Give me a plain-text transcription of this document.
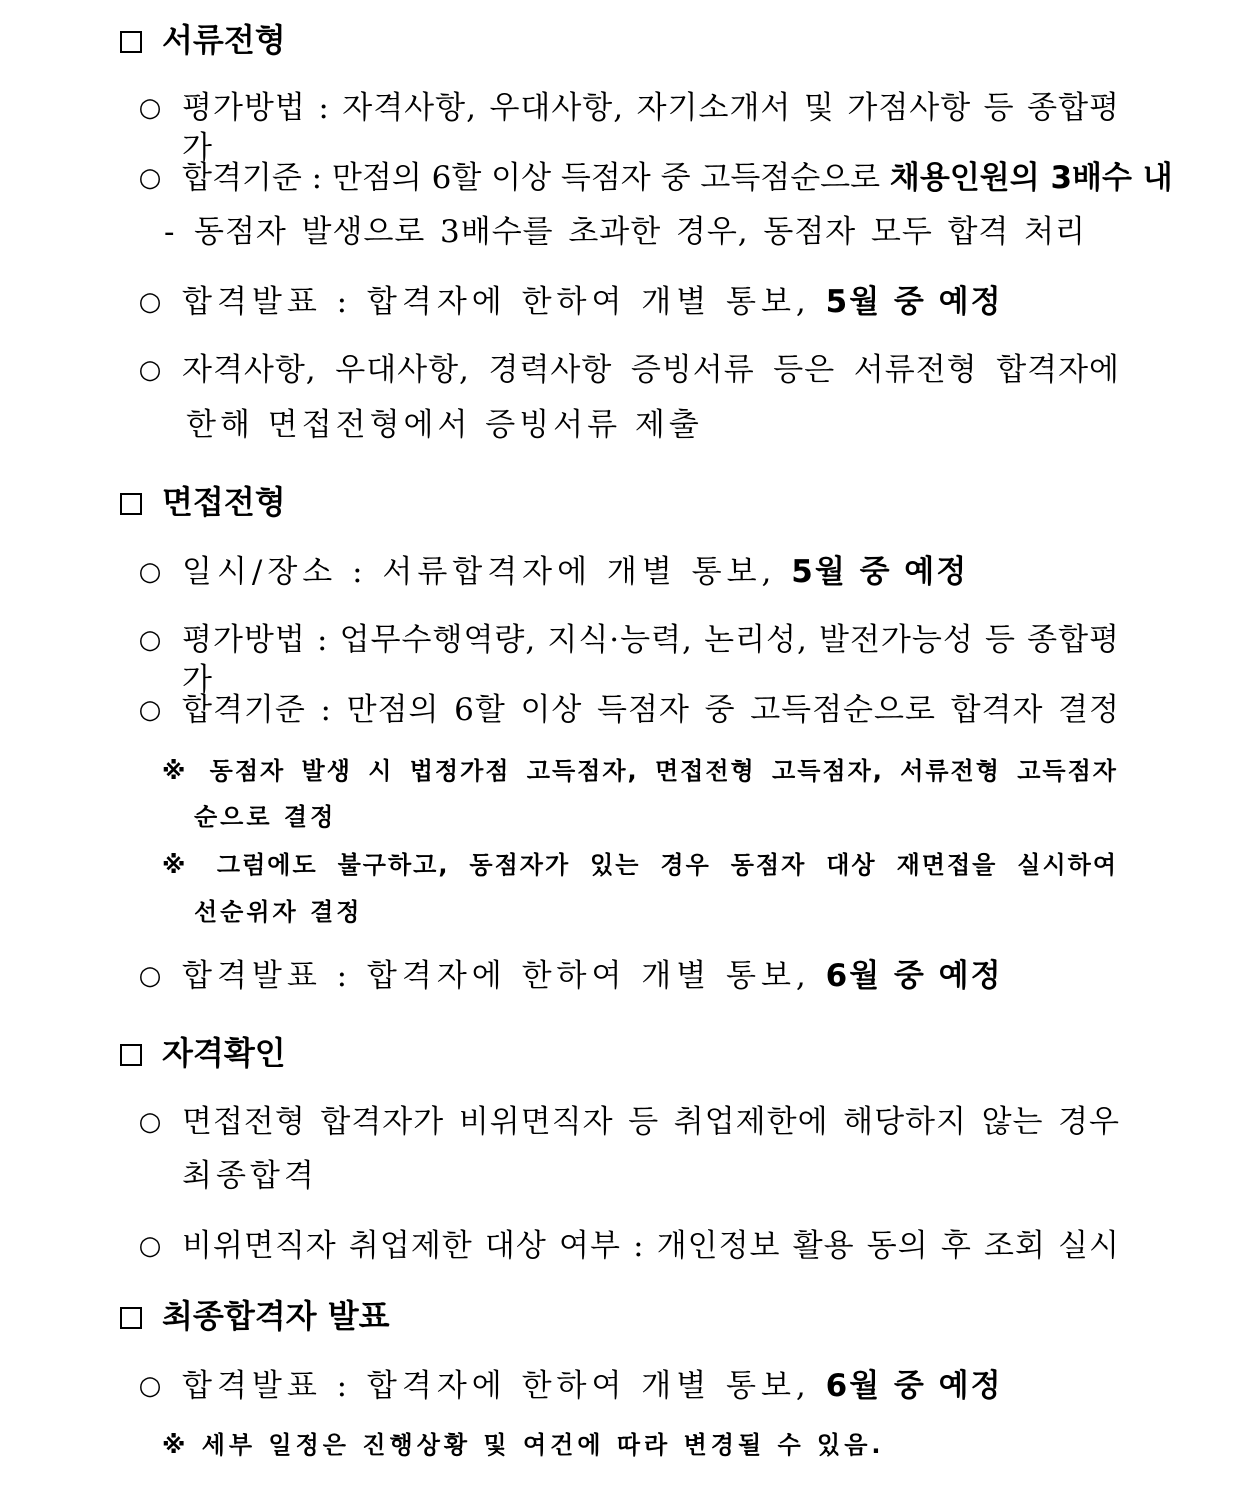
서류전형
○ 평가방법 : 자격사항, 우대사항, 자기소개서 및 가점사항 등 종합평가
○ 합격기준 : 만점의 6할 이상 득점자 중 고득점순으로 채용인원의 3배수 내
- 동점자 발생으로 3배수를 초과한 경우, 동점자 모두 합격 처리
○ 합격발표 : 합격자에 한하여 개별 통보, 5월 중 예정
○ 자격사항, 우대사항, 경력사항 증빙서류 등은 서류전형 합격자에
한해 면접전형에서 증빙서류 제출
면접전형
○ 일시/장소 : 서류합격자에 개별 통보, 5월 중 예정
○ 평가방법 : 업무수행역량, 지식·능력, 논리성, 발전가능성 등 종합평가
○ 합격기준 : 만점의 6할 이상 득점자 중 고득점순으로 합격자 결정
※ 동점자 발생 시 법정가점 고득점자, 면접전형 고득점자, 서류전형 고득점자
순으로 결정
※ 그럼에도 불구하고, 동점자가 있는 경우 동점자 대상 재면접을 실시하여
선순위자 결정
○ 합격발표 : 합격자에 한하여 개별 통보, 6월 중 예정
자격확인
○ 면접전형 합격자가 비위면직자 등 취업제한에 해당하지 않는 경우
최종합격
○ 비위면직자 취업제한 대상 여부 : 개인정보 활용 동의 후 조회 실시
최종합격자 발표
○ 합격발표 : 합격자에 한하여 개별 통보, 6월 중 예정
※ 세부 일정은 진행상황 및 여건에 따라 변경될 수 있음.
